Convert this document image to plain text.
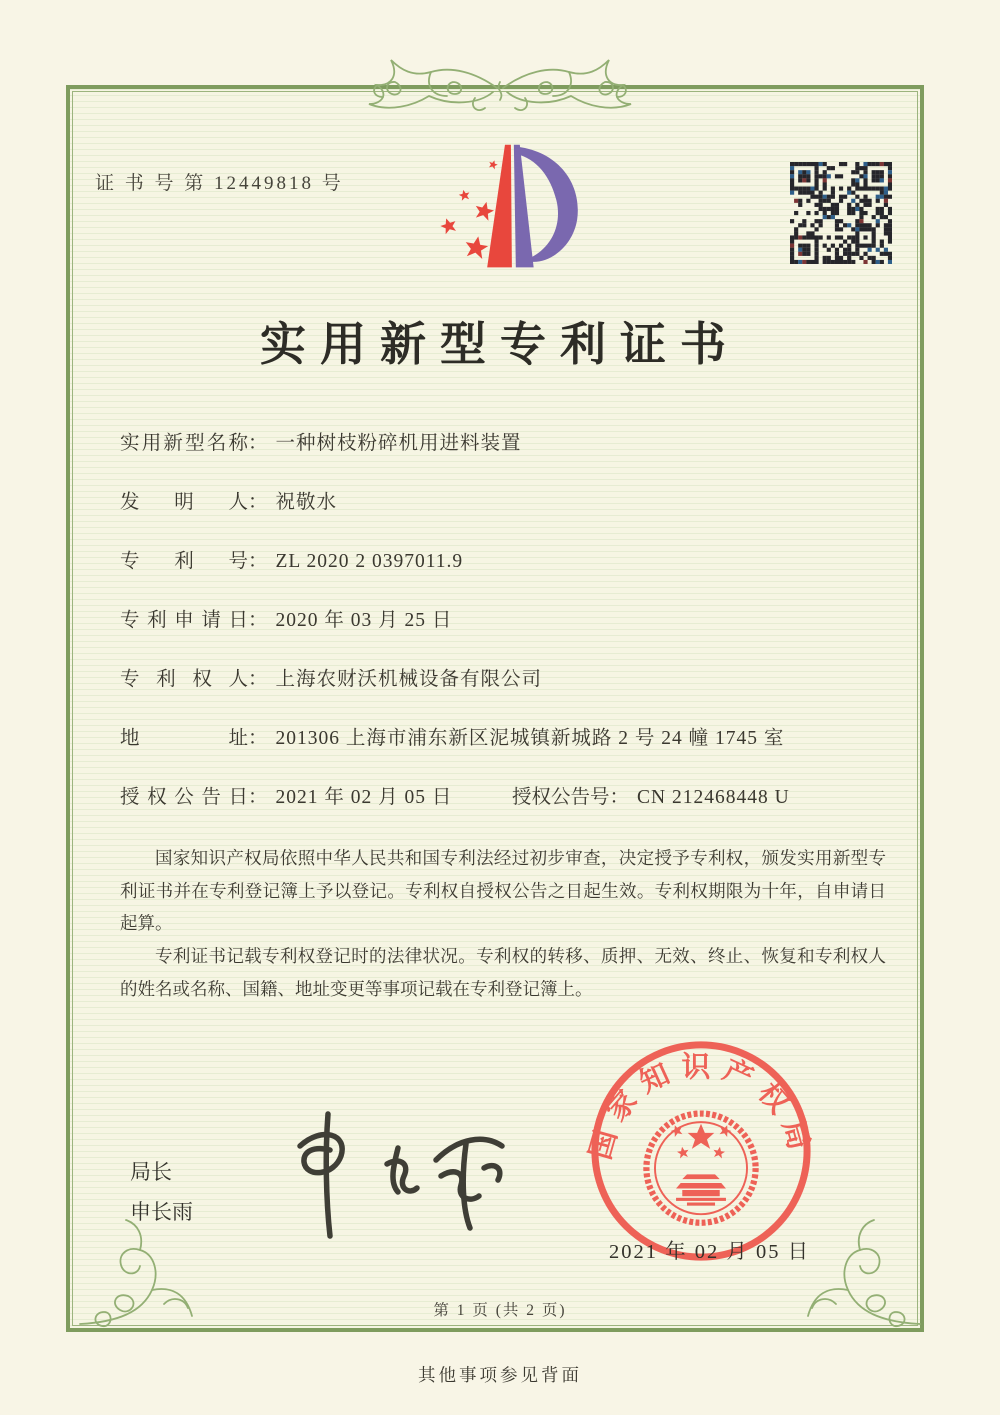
证 书 号 第 12449818 号
实用新型专利证书
实用新型名称 ： 一种树枝粉碎机用进料装置
发明人 ： 祝敬水
专利号 ： ZL 2020 2 0397011.9
专利申请日 ： 2020 年 03 月 25 日
专利权人 ： 上海农财沃机械设备有限公司
地址 ： 201306 上海市浦东新区泥城镇新城路 2 号 24 幢 1745 室
授权公告日 ： 2021 年 02 月 05 日	授权公告号 ： CN 212468448 U

国家知识产权局依照中华人民共和国专利法经过初步审查，决定授予专利权，颁发实用新型专利证书并在专利登记簿上予以登记。专利权自授权公告之日起生效。专利权期限为十年，自申请日起算。

专利证书记载专利权登记时的法律状况。专利权的转移、质押、无效、终止、恢复和专利权人的姓名或名称、国籍、地址变更等事项记载在专利登记簿上。

局长
申长雨
国家知识产权局
2021 年 02 月 05 日
第 1 页 (共 2 页)
其他事项参见背面
